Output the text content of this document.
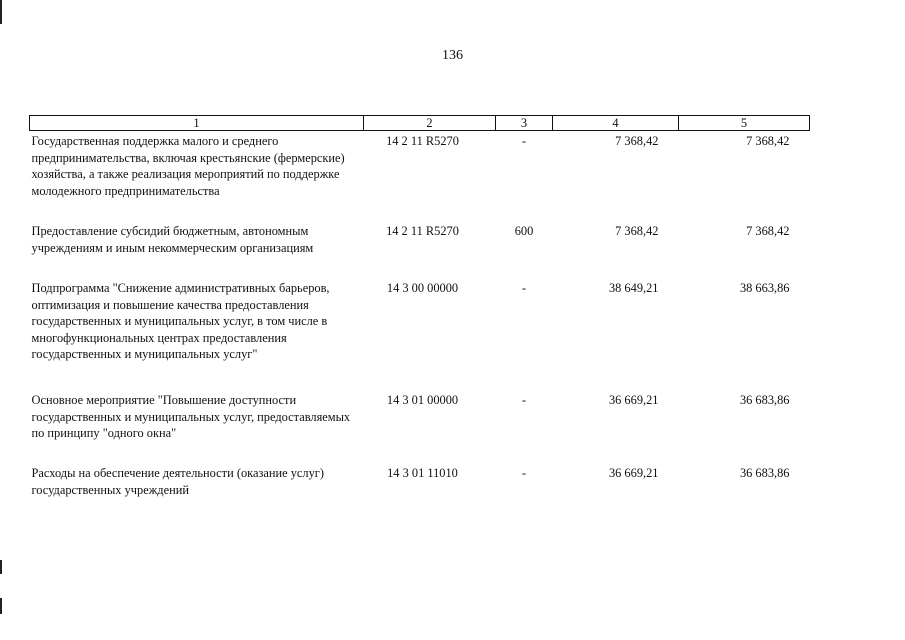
136
1	2	3	4	5
Государственная поддержка малого и среднего предпринимательства, включая крестьянские (фермерские) хозяйства, а также реализация мероприятий по поддержке молодежного предпринимательства	14 2 11 R5270	-	7 368,42	7 368,42
Предоставление субсидий бюджетным, автономным учреждениям и иным некоммерческим организациям	14 2 11 R5270	600	7 368,42	7 368,42
Подпрограмма "Снижение административных барьеров, оптимизация и повышение качества предоставления государственных и муниципальных услуг, в том числе в многофункциональных центрах предоставления государственных и муниципальных услуг"	14 3 00 00000	-	38 649,21	38 663,86
Основное мероприятие "Повышение доступности государственных и муниципальных услуг, предоставляемых по принципу "одного окна"	14 3 01 00000	-	36 669,21	36 683,86
Расходы на обеспечение деятельности (оказание услуг) государственных учреждений	14 3 01 11010	-	36 669,21	36 683,86
